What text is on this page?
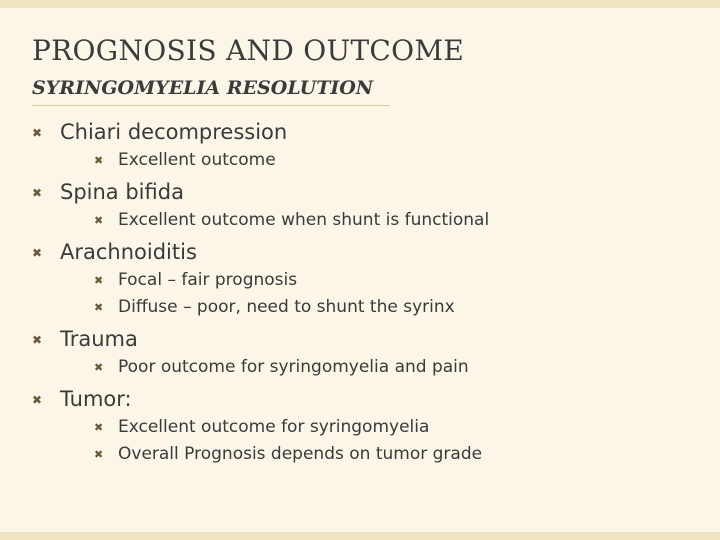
PROGNOSIS AND OUTCOME
SYRINGOMYELIA RESOLUTION
✖ Chiari decompression
✖ Excellent outcome
✖ Spina bifida
✖ Excellent outcome when shunt is functional
✖ Arachnoiditis
✖ Focal – fair prognosis
✖ Diffuse – poor, need to shunt the syrinx
✖ Trauma
✖ Poor outcome for syringomyelia and pain
✖ Tumor:
✖ Excellent outcome for syringomyelia
✖ Overall Prognosis depends on tumor grade
